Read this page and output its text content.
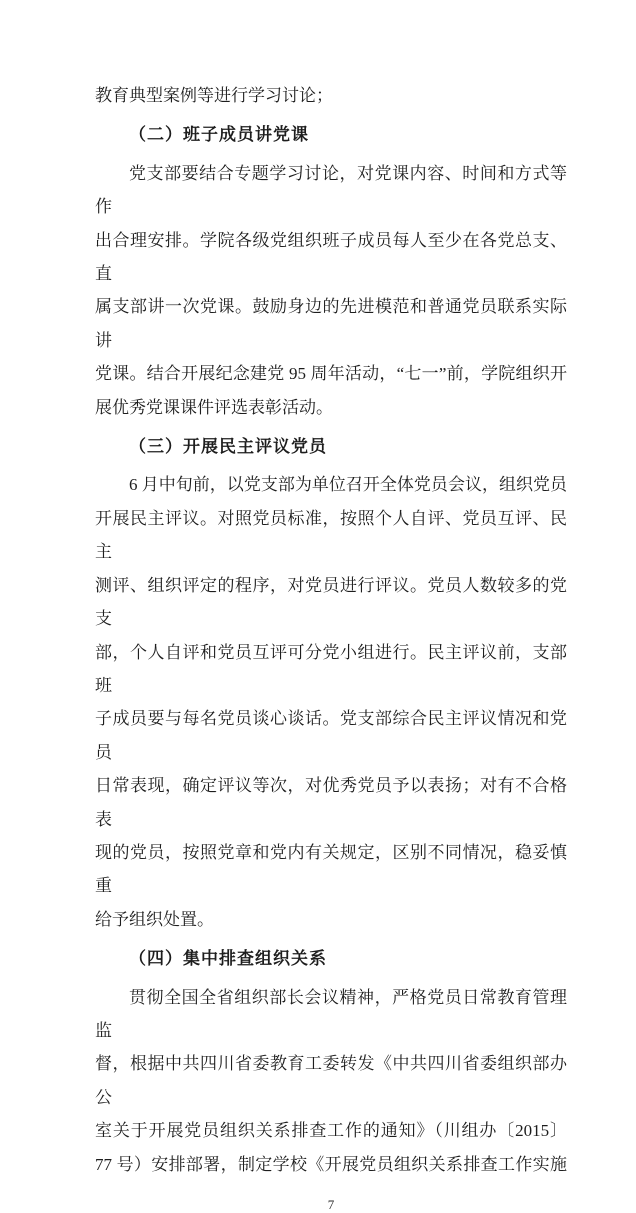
教育典型案例等进行学习讨论；
（二）班子成员讲党课
党支部要结合专题学习讨论，对党课内容、时间和方式等作
出合理安排。学院各级党组织班子成员每人至少在各党总支、直
属支部讲一次党课。鼓励身边的先进模范和普通党员联系实际讲
党课。结合开展纪念建党 95 周年活动，“七一”前，学院组织开
展优秀党课课件评选表彰活动。
（三）开展民主评议党员
6 月中旬前，以党支部为单位召开全体党员会议，组织党员
开展民主评议。对照党员标准，按照个人自评、党员互评、民主
测评、组织评定的程序，对党员进行评议。党员人数较多的党支
部，个人自评和党员互评可分党小组进行。民主评议前，支部班
子成员要与每名党员谈心谈话。党支部综合民主评议情况和党员
日常表现，确定评议等次，对优秀党员予以表扬；对有不合格表
现的党员，按照党章和党内有关规定，区别不同情况，稳妥慎重
给予组织处置。
（四）集中排查组织关系
贯彻全国全省组织部长会议精神，严格党员日常教育管理监
督，根据中共四川省委教育工委转发《中共四川省委组织部办公
室关于开展党员组织关系排查工作的通知》（川组办〔2015〕
77 号）安排部署，制定学校《开展党员组织关系排查工作实施
7
